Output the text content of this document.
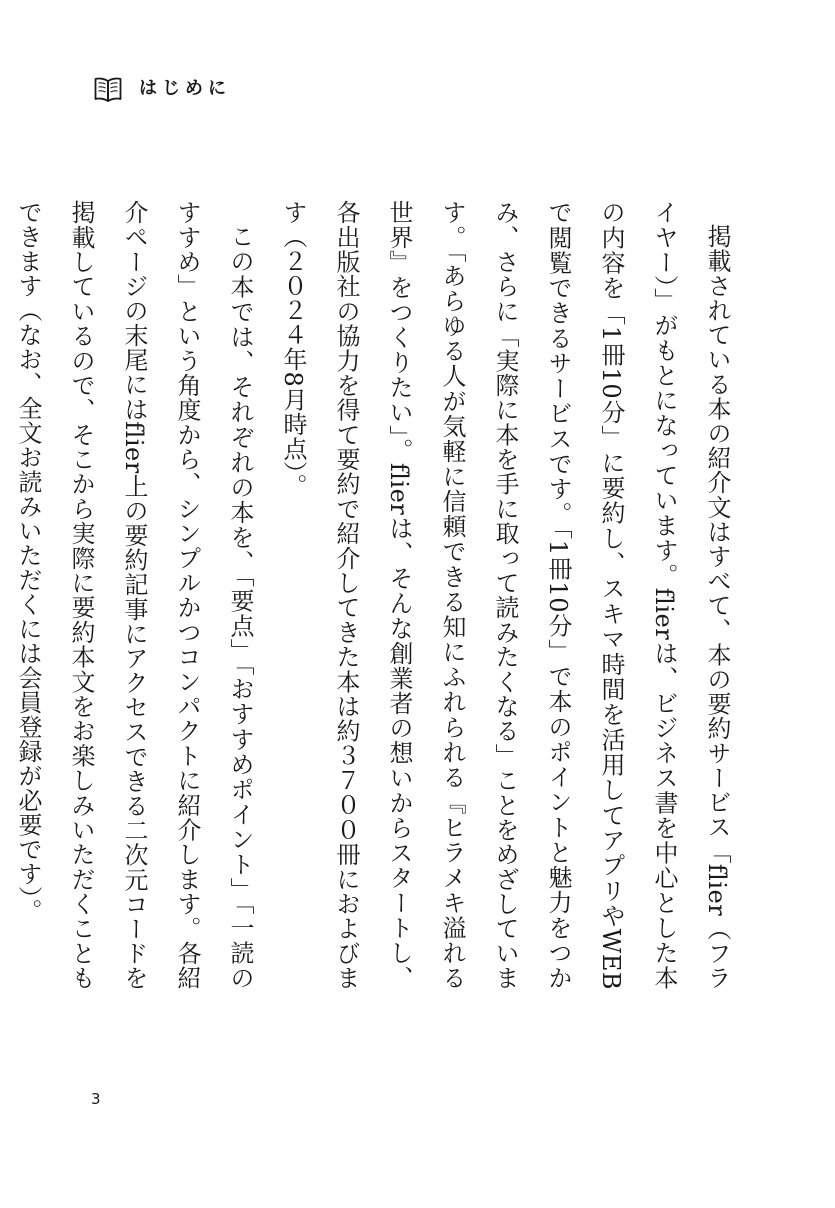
はじめに

掲載されている本の紹介文はすべて、本の要約サービス「flier（フライヤー）」がもとになっています。flierは、ビジネス書を中心とした本の内容を「1冊10分」に要約し、スキマ時間を活用してアプリやWEBで閲覧できるサービスです。「1冊10分」で本のポイントと魅力をつかみ、さらに「実際に本を手に取って読みたくなる」ことをめざしています。「あらゆる人が気軽に信頼できる知にふれられる『ヒラメキ溢れる世界』をつくりたい」。flierは、そんな創業者の想いからスタートし、各出版社の協力を得て要約で紹介してきた本は約３７００冊におよびます（２０２４年8月時点）。

この本では、それぞれの本を、「要点」「おすすめポイント」「一読のすすめ」という角度から、シンプルかつコンパクトに紹介します。各紹介ページの末尾にはflier上の要約記事にアクセスできる二次元コードを掲載しているので、そこから実際に要約本文をお楽しみいただくこともできます（なお、全文お読みいただくには会員登録が必要です）。

3
